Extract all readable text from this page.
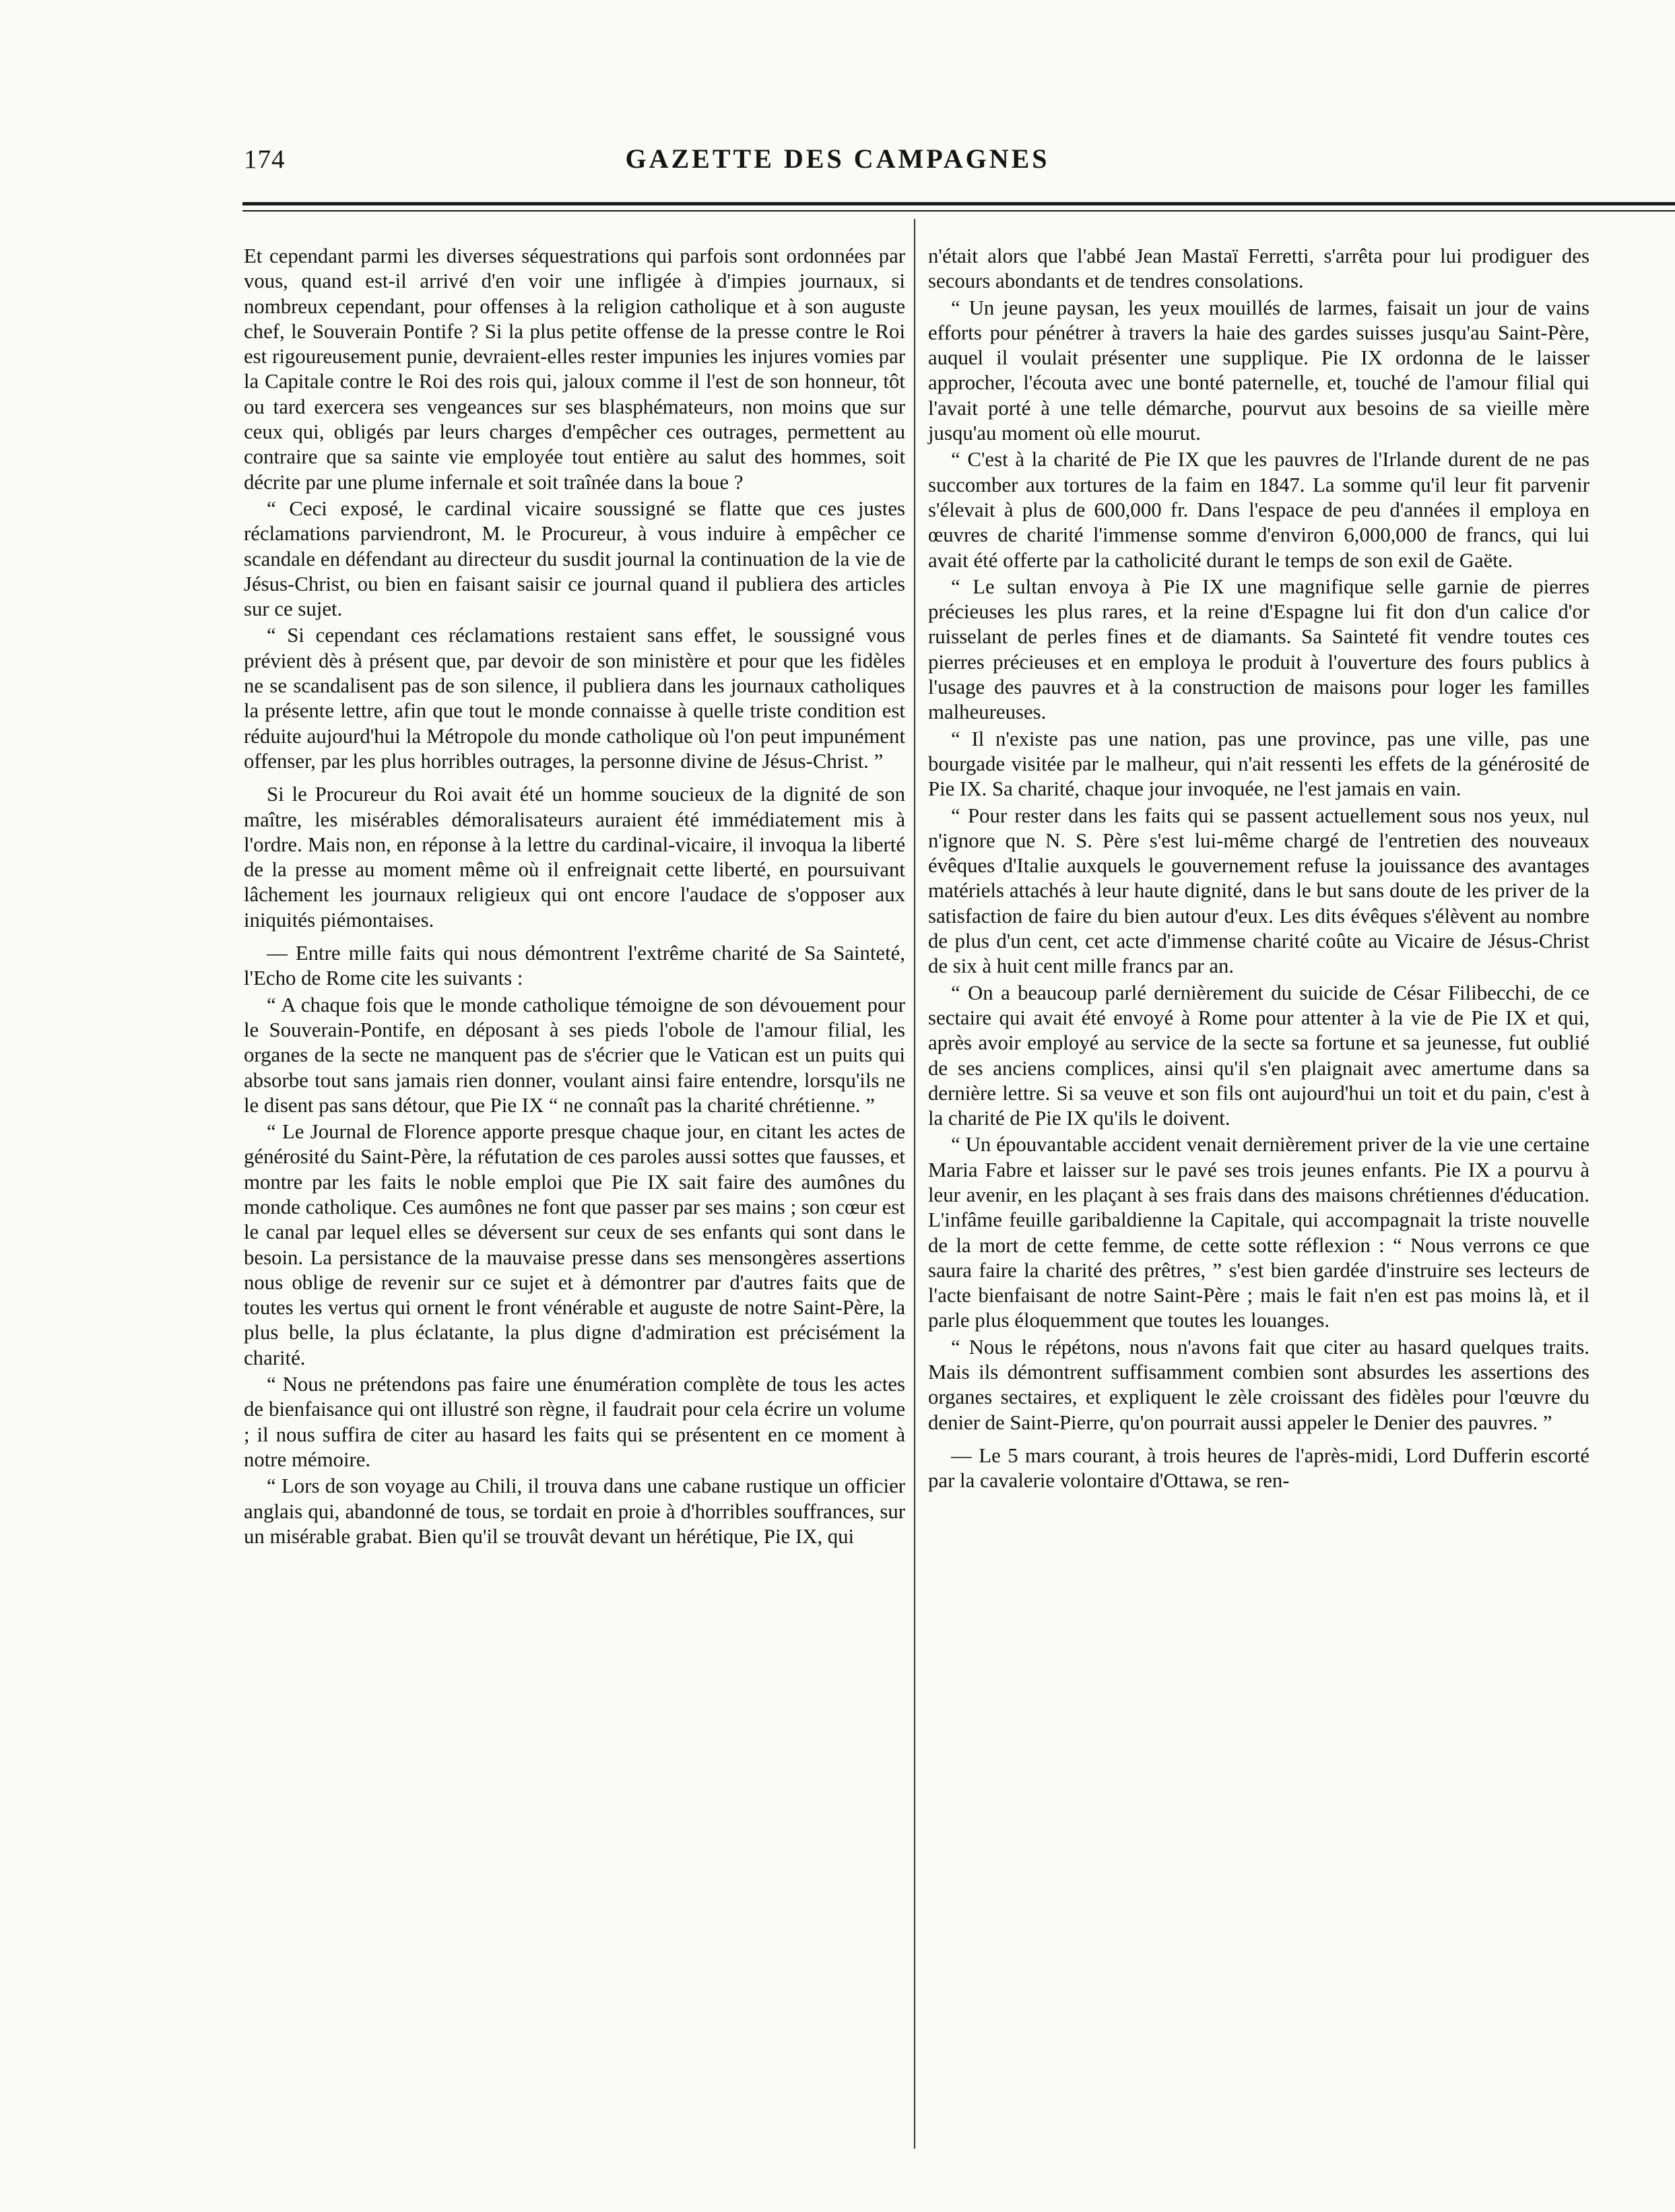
174	GAZETTE DES CAMPAGNES

Et cependant parmi les diverses séquestrations qui parfois sont ordonnées par vous, quand est-il arrivé d'en voir une infligée à d'impies journaux, si nombreux cependant, pour offenses à la religion catholique et à son auguste chef, le Souverain Pontife ? Si la plus petite offense de la presse contre le Roi est rigoureusement punie, devraient-elles rester impunies les injures vomies par la Capitale contre le Roi des rois qui, jaloux comme il l'est de son honneur, tôt ou tard exercera ses vengeances sur ses blasphémateurs, non moins que sur ceux qui, obligés par leurs charges d'empêcher ces outrages, permettent au contraire que sa sainte vie employée tout entière au salut des hommes, soit décrite par une plume infernale et soit traînée dans la boue ?

“ Ceci exposé, le cardinal vicaire soussigné se flatte que ces justes réclamations parviendront, M. le Procureur, à vous induire à empêcher ce scandale en défendant au directeur du susdit journal la continuation de la vie de Jésus-Christ, ou bien en faisant saisir ce journal quand il publiera des articles sur ce sujet.

“ Si cependant ces réclamations restaient sans effet, le soussigné vous prévient dès à présent que, par devoir de son ministère et pour que les fidèles ne se scandalisent pas de son silence, il publiera dans les journaux catholiques la présente lettre, afin que tout le monde connaisse à quelle triste condition est réduite aujourd'hui la Métropole du monde catholique où l'on peut impunément offenser, par les plus horribles outrages, la personne divine de Jésus-Christ. ”

Si le Procureur du Roi avait été un homme soucieux de la dignité de son maître, les misérables démoralisateurs auraient été immédiatement mis à l'ordre. Mais non, en réponse à la lettre du cardinal-vicaire, il invoqua la liberté de la presse au moment même où il enfreignait cette liberté, en poursuivant lâchement les journaux religieux qui ont encore l'audace de s'opposer aux iniquités piémontaises.

— Entre mille faits qui nous démontrent l'extrême charité de Sa Sainteté, l'Echo de Rome cite les suivants :

“ A chaque fois que le monde catholique témoigne de son dévouement pour le Souverain-Pontife, en déposant à ses pieds l'obole de l'amour filial, les organes de la secte ne manquent pas de s'écrier que le Vatican est un puits qui absorbe tout sans jamais rien donner, voulant ainsi faire entendre, lorsqu'ils ne le disent pas sans détour, que Pie IX “ ne connaît pas la charité chrétienne. ”

“ Le Journal de Florence apporte presque chaque jour, en citant les actes de générosité du Saint-Père, la réfutation de ces paroles aussi sottes que fausses, et montre par les faits le noble emploi que Pie IX sait faire des aumônes du monde catholique. Ces aumônes ne font que passer par ses mains ; son cœur est le canal par lequel elles se déversent sur ceux de ses enfants qui sont dans le besoin. La persistance de la mauvaise presse dans ses mensongères assertions nous oblige de revenir sur ce sujet et à démontrer par d'autres faits que de toutes les vertus qui ornent le front vénérable et auguste de notre Saint-Père, la plus belle, la plus éclatante, la plus digne d'admiration est précisément la charité.

“ Nous ne prétendons pas faire une énumération complète de tous les actes de bienfaisance qui ont illustré son règne, il faudrait pour cela écrire un volume ; il nous suffira de citer au hasard les faits qui se présentent en ce moment à notre mémoire.

“ Lors de son voyage au Chili, il trouva dans une cabane rustique un officier anglais qui, abandonné de tous, se tordait en proie à d'horribles souffrances, sur un misérable grabat. Bien qu'il se trouvât devant un hérétique, Pie IX, qui

n'était alors que l'abbé Jean Mastaï Ferretti, s'arrêta pour lui prodiguer des secours abondants et de tendres consolations.

“ Un jeune paysan, les yeux mouillés de larmes, faisait un jour de vains efforts pour pénétrer à travers la haie des gardes suisses jusqu'au Saint-Père, auquel il voulait présenter une supplique. Pie IX ordonna de le laisser approcher, l'écouta avec une bonté paternelle, et, touché de l'amour filial qui l'avait porté à une telle démarche, pourvut aux besoins de sa vieille mère jusqu'au moment où elle mourut.

“ C'est à la charité de Pie IX que les pauvres de l'Irlande durent de ne pas succomber aux tortures de la faim en 1847. La somme qu'il leur fit parvenir s'élevait à plus de 600,000 fr. Dans l'espace de peu d'années il employa en œuvres de charité l'immense somme d'environ 6,000,000 de francs, qui lui avait été offerte par la catholicité durant le temps de son exil de Gaëte.

“ Le sultan envoya à Pie IX une magnifique selle garnie de pierres précieuses les plus rares, et la reine d'Espagne lui fit don d'un calice d'or ruisselant de perles fines et de diamants. Sa Sainteté fit vendre toutes ces pierres précieuses et en employa le produit à l'ouverture des fours publics à l'usage des pauvres et à la construction de maisons pour loger les familles malheureuses.

“ Il n'existe pas une nation, pas une province, pas une ville, pas une bourgade visitée par le malheur, qui n'ait ressenti les effets de la générosité de Pie IX. Sa charité, chaque jour invoquée, ne l'est jamais en vain.

“ Pour rester dans les faits qui se passent actuellement sous nos yeux, nul n'ignore que N. S. Père s'est lui-même chargé de l'entretien des nouveaux évêques d'Italie auxquels le gouvernement refuse la jouissance des avantages matériels attachés à leur haute dignité, dans le but sans doute de les priver de la satisfaction de faire du bien autour d'eux. Les dits évêques s'élèvent au nombre de plus d'un cent, cet acte d'immense charité coûte au Vicaire de Jésus-Christ de six à huit cent mille francs par an.

“ On a beaucoup parlé dernièrement du suicide de César Filibecchi, de ce sectaire qui avait été envoyé à Rome pour attenter à la vie de Pie IX et qui, après avoir employé au service de la secte sa fortune et sa jeunesse, fut oublié de ses anciens complices, ainsi qu'il s'en plaignait avec amertume dans sa dernière lettre. Si sa veuve et son fils ont aujourd'hui un toit et du pain, c'est à la charité de Pie IX qu'ils le doivent.

“ Un épouvantable accident venait dernièrement priver de la vie une certaine Maria Fabre et laisser sur le pavé ses trois jeunes enfants. Pie IX a pourvu à leur avenir, en les plaçant à ses frais dans des maisons chrétiennes d'éducation. L'infâme feuille garibaldienne la Capitale, qui accompagnait la triste nouvelle de la mort de cette femme, de cette sotte réflexion : “ Nous verrons ce que saura faire la charité des prêtres, ” s'est bien gardée d'instruire ses lecteurs de l'acte bienfaisant de notre Saint-Père ; mais le fait n'en est pas moins là, et il parle plus éloquemment que toutes les louanges.

“ Nous le répétons, nous n'avons fait que citer au hasard quelques traits. Mais ils démontrent suffisamment combien sont absurdes les assertions des organes sectaires, et expliquent le zèle croissant des fidèles pour l'œuvre du denier de Saint-Pierre, qu'on pourrait aussi appeler le Denier des pauvres. ”

— Le 5 mars courant, à trois heures de l'après-midi, Lord Dufferin escorté par la cavalerie volontaire d'Ottawa, se ren-
